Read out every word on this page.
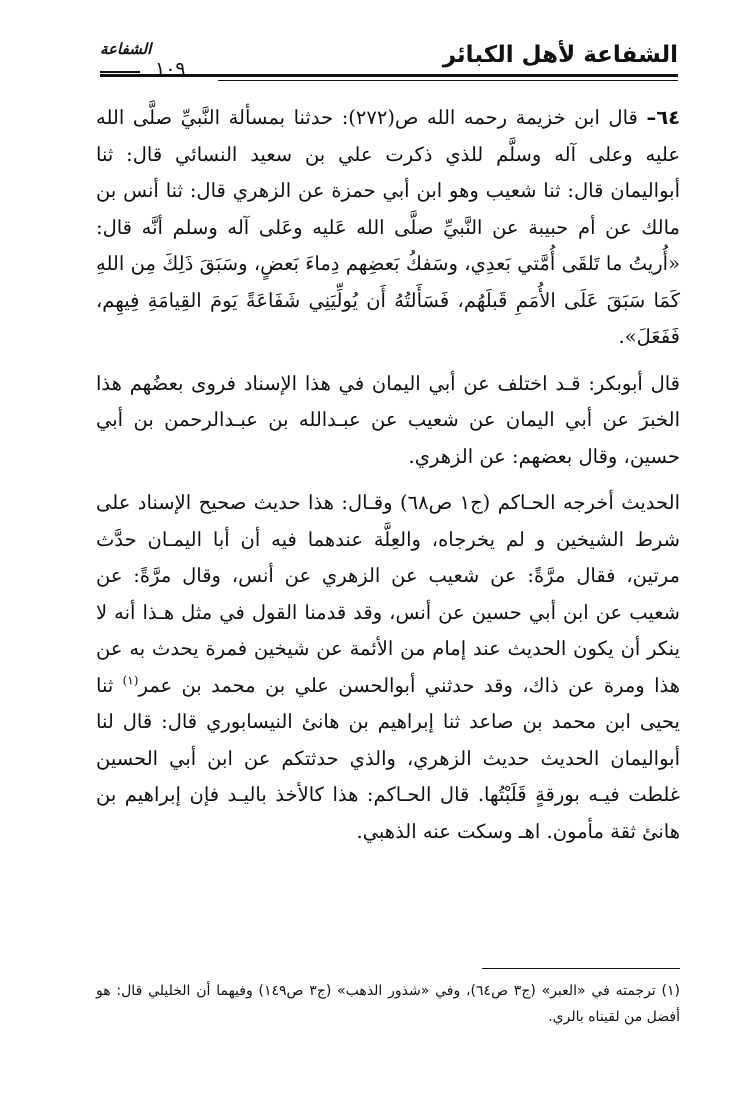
الشفاعة لأهل الكبائر
الشفاعة
١٠٩

٦٤– قال ابن خزيمة رحمه الله ص(٢٧٢): حدثنا بمسألة النَّبيِّ صلَّى الله عليه وعلى آله وسلَّم للذي ذكرت علي بن سعيد النسائي قال: ثنا أبواليمان قال: ثنا شعيب وهو ابن أبي حمزة عن الزهري قال: ثنا أنس بن مالك عن أم حبيبة عن النَّبيِّ صلَّى الله عَليه وعَلى آله وسلم أنَّه قال: «أُريتُ ما تَلقَى أُمَّتي بَعدِي، وسَفكُ بَعضِهم دِماءَ بَعضٍ، وسَبَقَ ذَلِكَ مِن اللهِ كَمَا سَبَقَ عَلَى الأُمَمِ قَبلَهُم، فَسَأَلتُهُ أَن يُولِّيَنِي شَفَاعَةً يَومَ القِيامَةِ فِيهِم، فَفَعَلَ».

قال أبوبكر: قـد اختلف عن أبي اليمان في هذا الإسناد فروى بعضُهم هذا الخبرَ عن أبي اليمان عن شعيب عن عبـدالله بن عبـدالرحمن بن أبي حسين، وقال بعضهم: عن الزهري.

الحديث أخرجه الحـاكم (ج١ ص٦٨) وقـال: هذا حديث صحيح الإسناد على شرط الشيخين و لم يخرجاه، والعِلَّة عندهما فيه أن أبا اليمـان حدَّث مرتين، فقال مرَّةً: عن شعيب عن الزهري عن أنس، وقال مرَّةً: عن شعيب عن ابن أبي حسين عن أنس، وقد قدمنا القول في مثل هـذا أنه لا ينكر أن يكون الحديث عند إمام من الأئمة عن شيخين فمرة يحدث به عن هذا ومرة عن ذاك، وقد حدثني أبوالحسن علي بن محمد بن عمر$^{(١)}$ ثنا يحيى ابن محمد بن صاعد ثنا إبراهيم بن هانئ النيسابوري قال: قال لنا أبواليمان الحديث حديث الزهري، والذي حدثتكم عن ابن أبي الحسين غلطت فيـه بورقةٍ قَلَبْتُها. قال الحـاكم: هذا كالأخذ باليـد فإن إبراهيم بن هانئ ثقة مأمون. اهـ وسكت عنه الذهبي.

(١) ترجمته في «العبر» (ج٣ ص٦٤)، وفي «شذور الذهب» (ج٣ ص١٤٩) وفيهما أن الخليلي قال: هو أفضل من لقيناه بالري.
